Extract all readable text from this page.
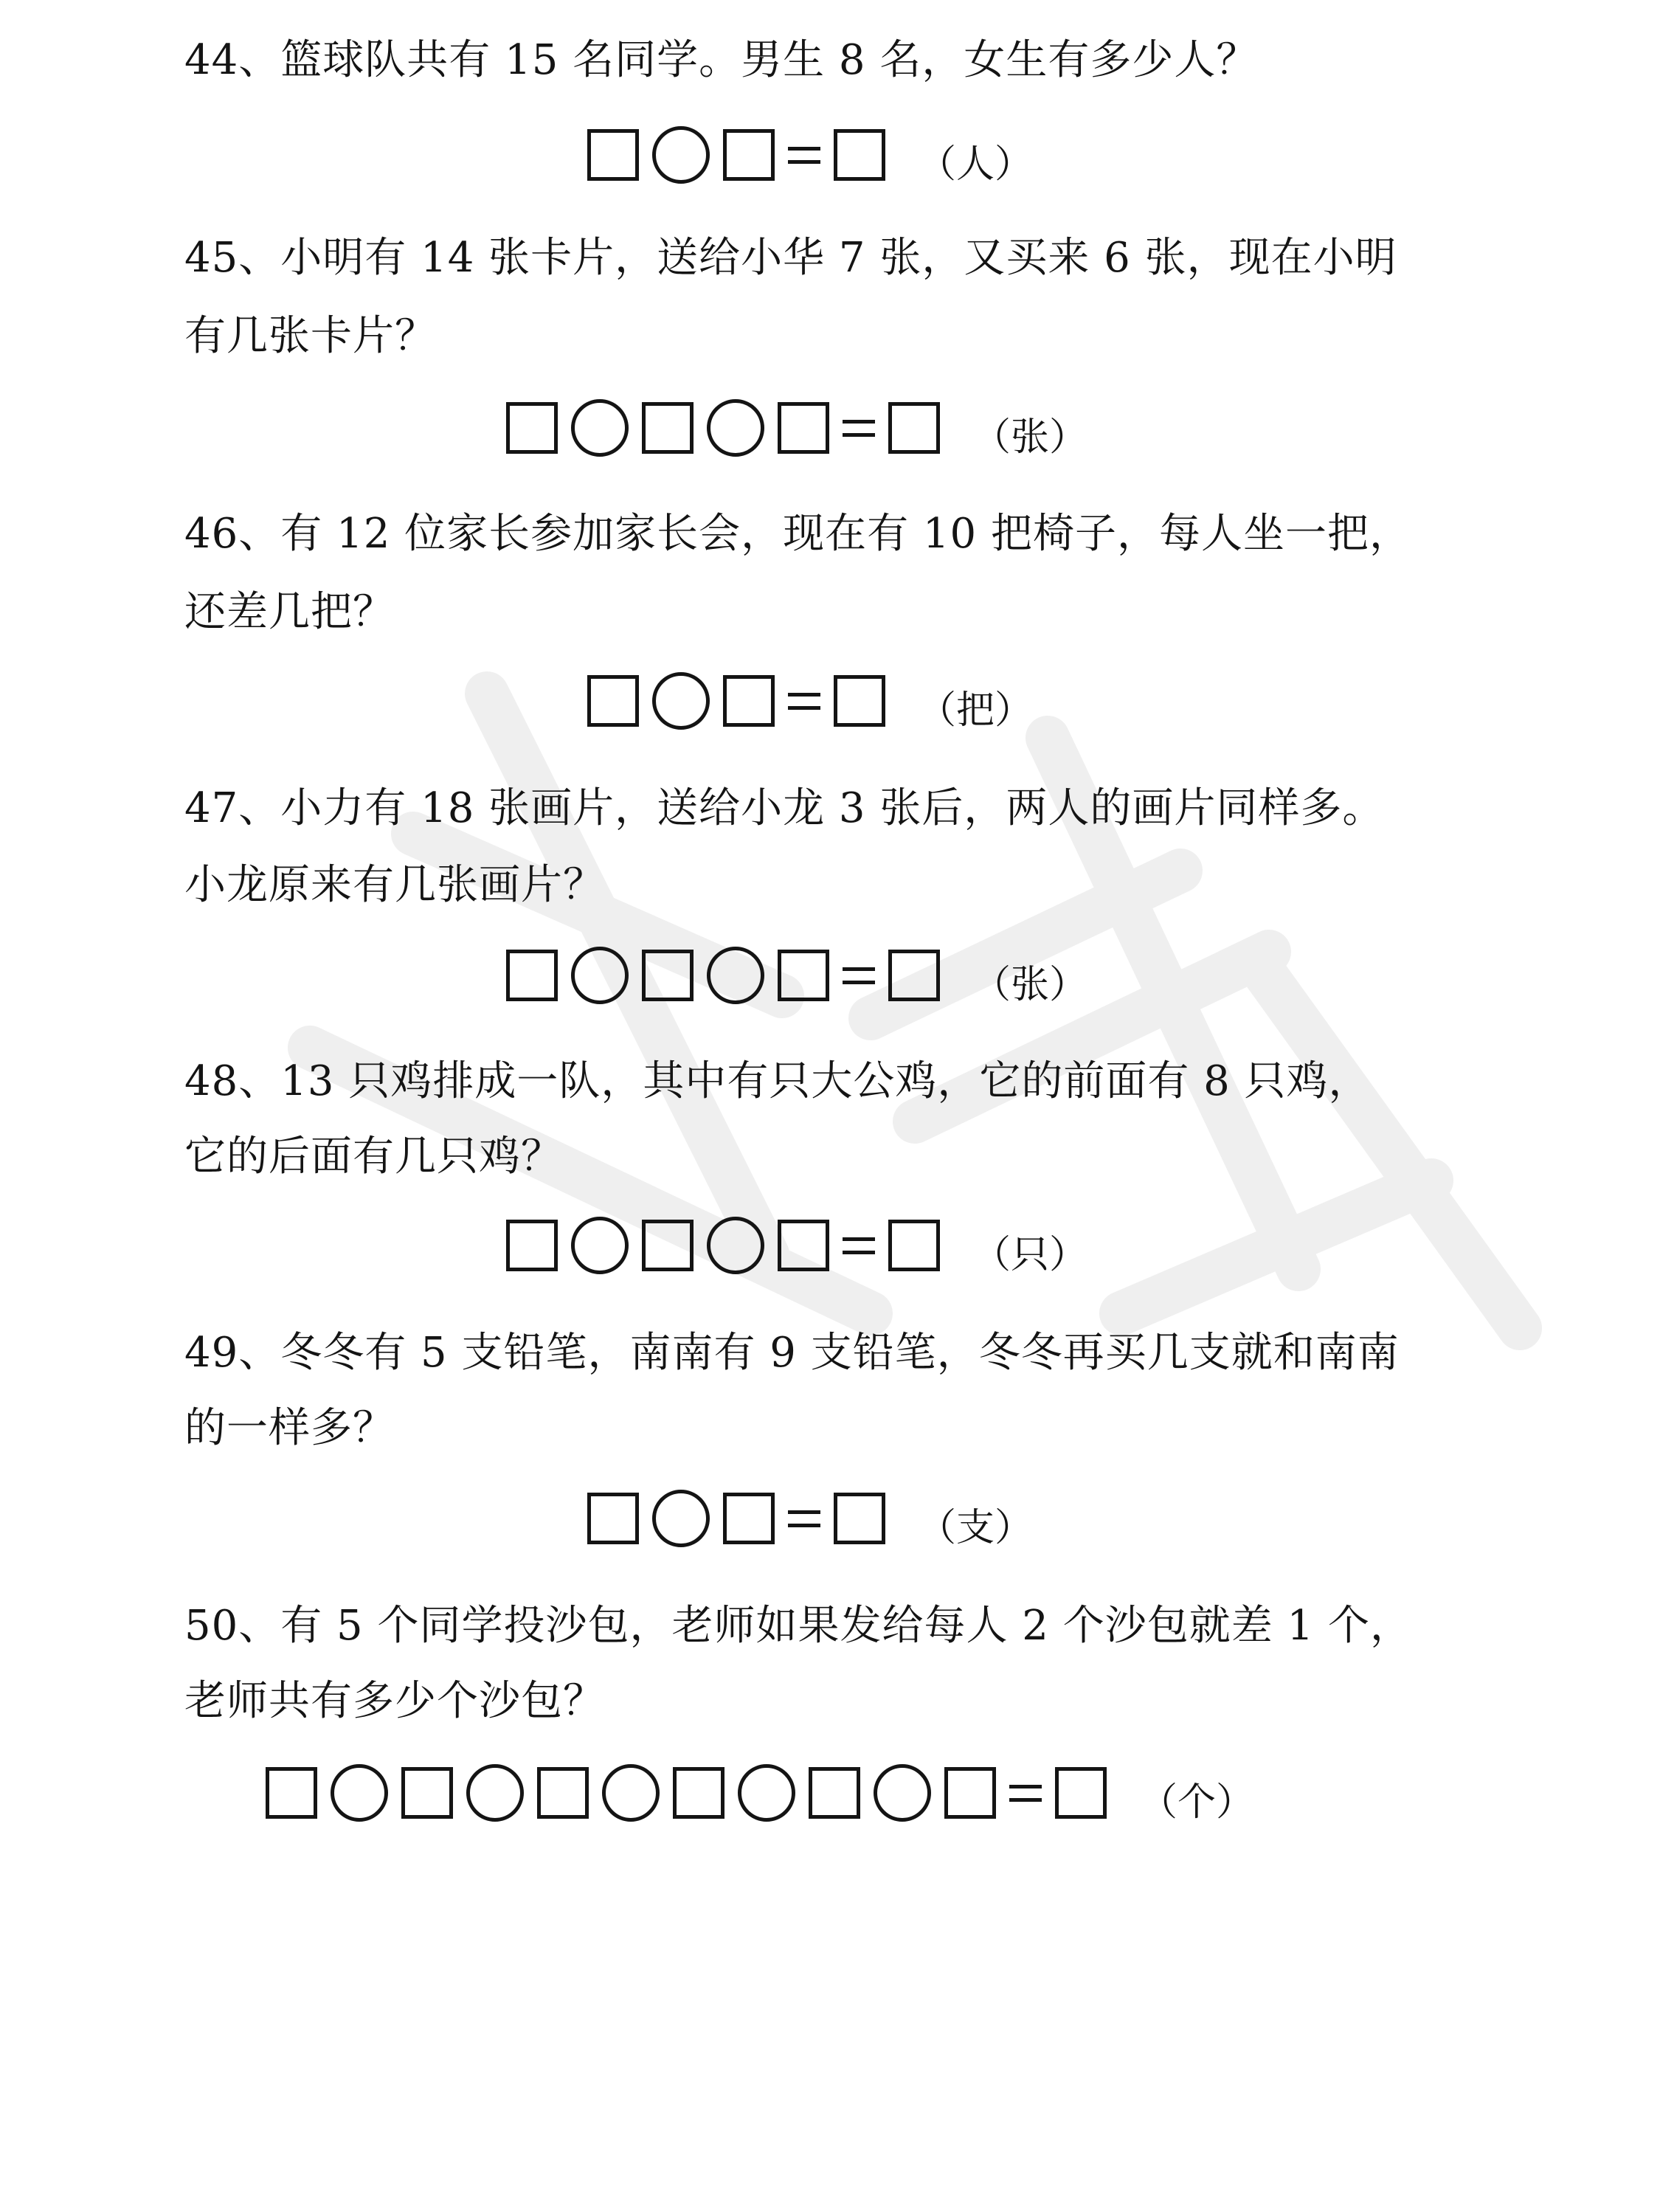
44、篮球队共有 15 名同学。男生 8 名，女生有多少人？
（人）
45、小明有 14 张卡片，送给小华 7 张，又买来 6 张，现在小明
有几张卡片？
（张）
46、有 12 位家长参加家长会，现在有 10 把椅子，每人坐一把，
还差几把？
（把）
47、小力有 18 张画片，送给小龙 3 张后，两人的画片同样多。
小龙原来有几张画片？
（张）
48、13 只鸡排成一队，其中有只大公鸡，它的前面有 8 只鸡，
它的后面有几只鸡？
（只）
49、冬冬有 5 支铅笔，南南有 9 支铅笔，冬冬再买几支就和南南
的一样多？
（支）
50、有 5 个同学投沙包，老师如果发给每人 2 个沙包就差 1 个，
老师共有多少个沙包？
（个）
